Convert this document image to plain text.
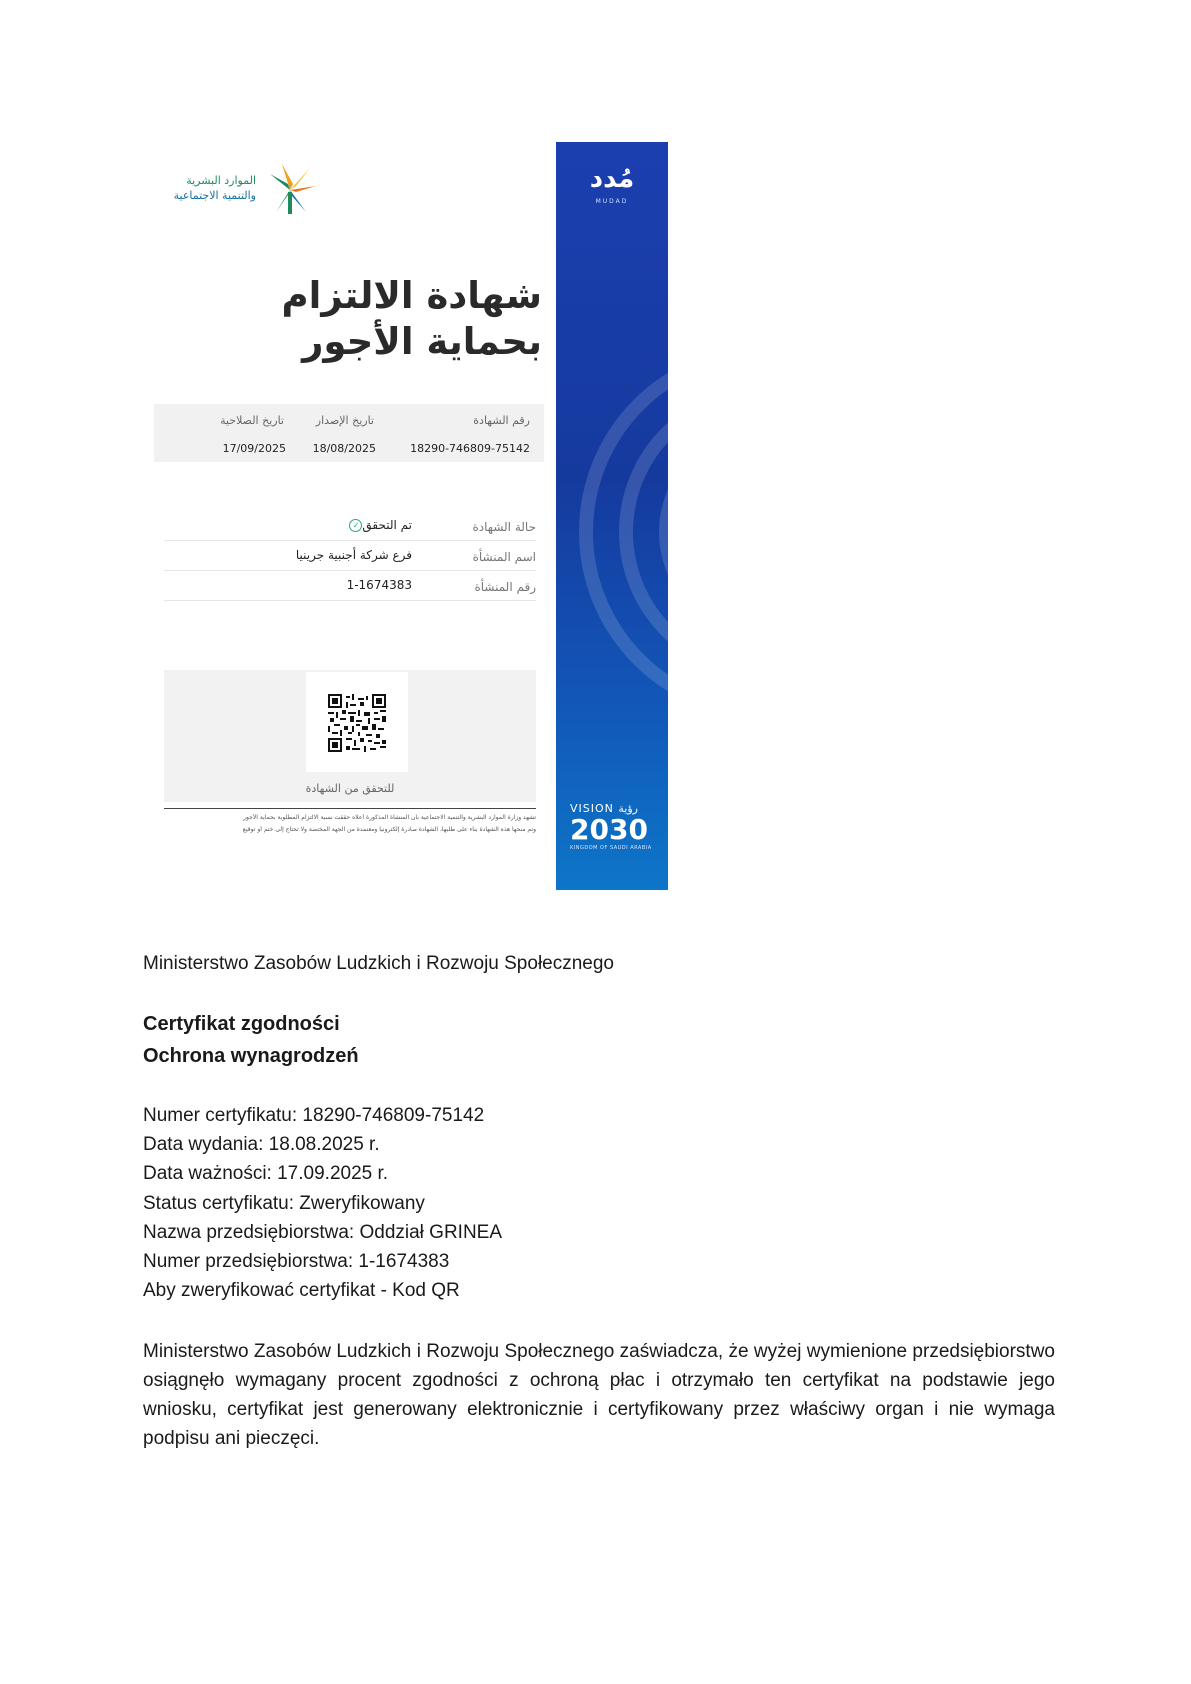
الموارد البشرية
والتنمية الاجتماعية
شهادة الالتزام
بحماية الأجور
رقم الشهادة
تاريخ الإصدار
تاريخ الصلاحية
18290-746809-75142
18/08/2025
17/09/2025
حالة الشهادة
تم التحقق✓
اسم المنشأة
فرع شركة أجنبية جرينيا
رقم المنشأة
1-1674383
للتحقق من الشهادة
تشهد وزارة الموارد البشرية والتنمية الاجتماعية بأن المنشأة المذكورة أعلاه حققت نسبة الالتزام المطلوبة بحماية الأجور
وتم منحها هذه الشهادة بناء على طلبها، الشهادة صادرة إلكترونياً ومعتمدة من الجهة المختصة ولا تحتاج إلى ختم أو توقيع
مُدد
MUDAD
VISION رؤية
2030
KINGDOM OF SAUDI ARABIA
Ministerstwo Zasobów Ludzkich i Rozwoju Społecznego
Certyfikat zgodności
Ochrona wynagrodzeń
Numer certyfikatu: 18290-746809-75142
Data wydania: 18.08.2025 r.
Data ważności: 17.09.2025 r.
Status certyfikatu: Zweryfikowany
Nazwa przedsiębiorstwa: Oddział GRINEA
Numer przedsiębiorstwa: 1-1674383
Aby zweryfikować certyfikat - Kod QR
Ministerstwo Zasobów Ludzkich i Rozwoju Społecznego zaświadcza, że wyżej wymienione przedsiębiorstwo osiągnęło wymagany procent zgodności z ochroną płac i otrzymało ten certyfikat na podstawie jego wniosku, certyfikat jest generowany elektronicznie i certyfikowany przez właściwy organ i nie wymaga podpisu ani pieczęci.
